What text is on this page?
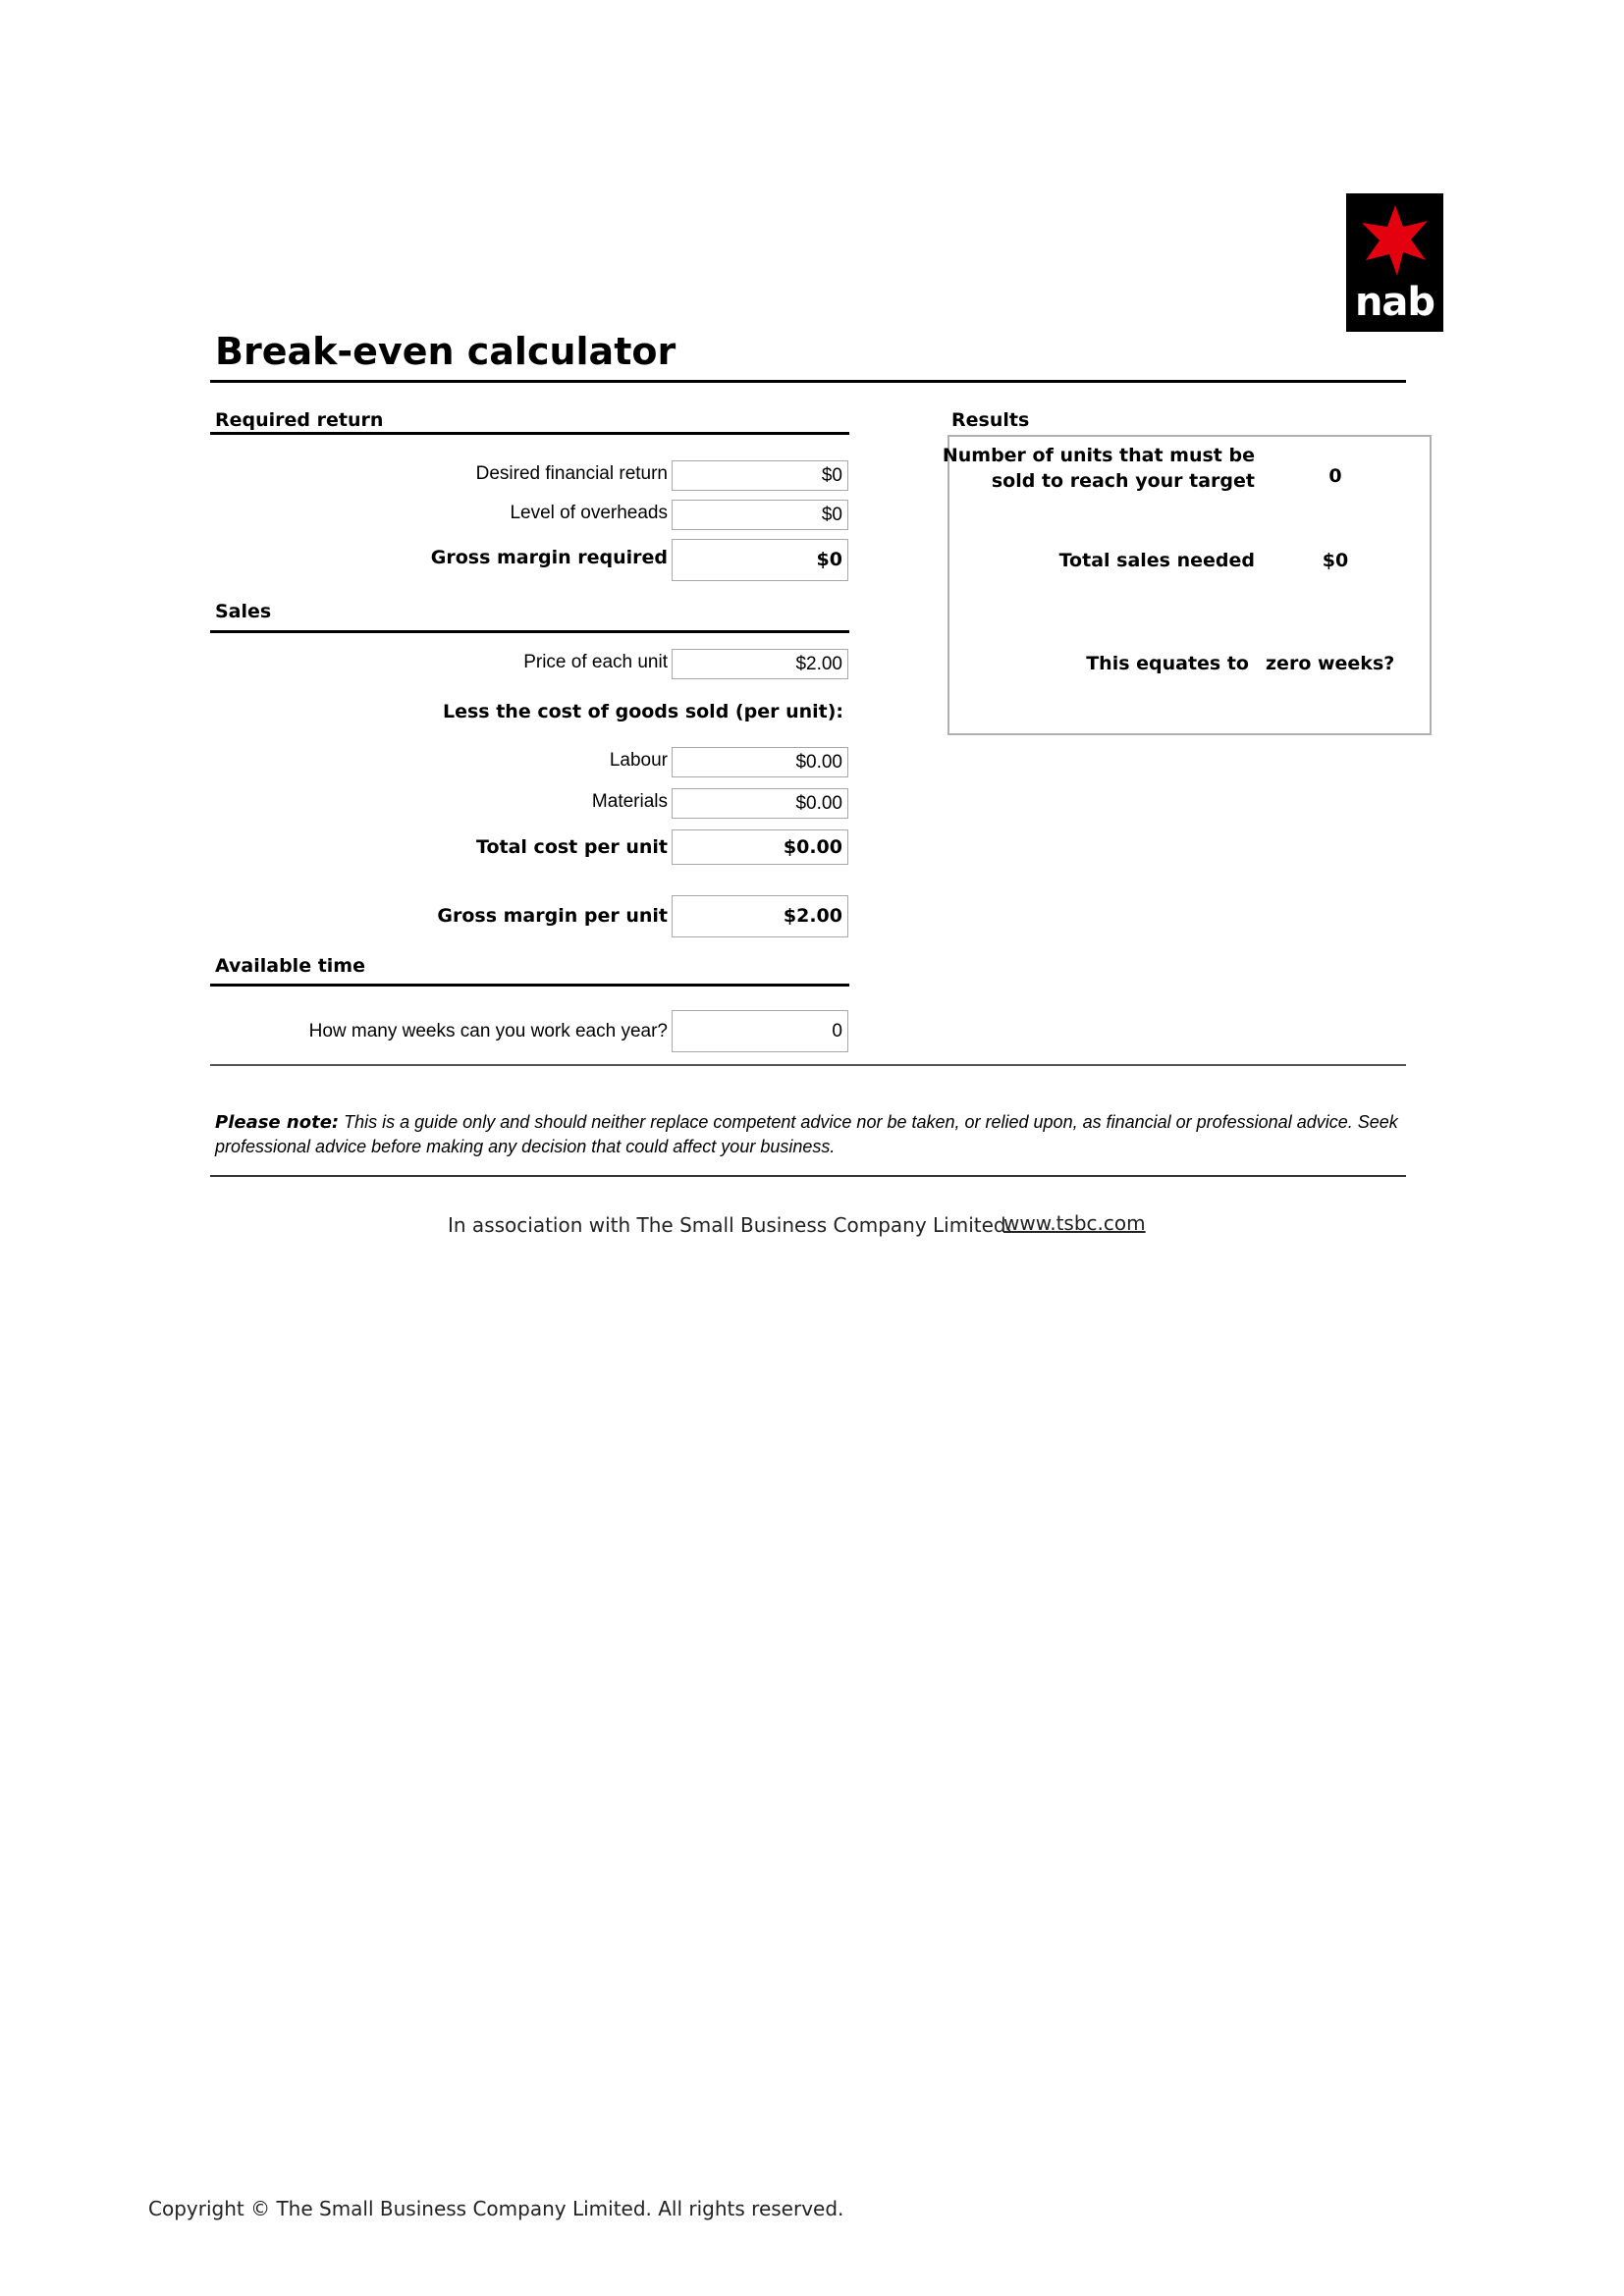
nab
Break-even calculator
Required return
Desired financial return	$0
Level of overheads	$0
Gross margin required	$0
Sales
Price of each unit	$2.00
Less the cost of goods sold (per unit):
Labour	$0.00
Materials	$0.00
Total cost per unit	$0.00
Gross margin per unit	$2.00
Available time
How many weeks can you work each year?	0
Results
Number of units that must be
sold to reach your target	0
Total sales needed	$0
This equates to zero weeks?
Please note: This is a guide only and should neither replace competent advice nor be taken, or relied upon, as financial or professional advice. Seek professional advice before making any decision that could affect your business.
In association with The Small Business Company Limited.
www.tsbc.com
Copyright © The Small Business Company Limited. All rights reserved.
